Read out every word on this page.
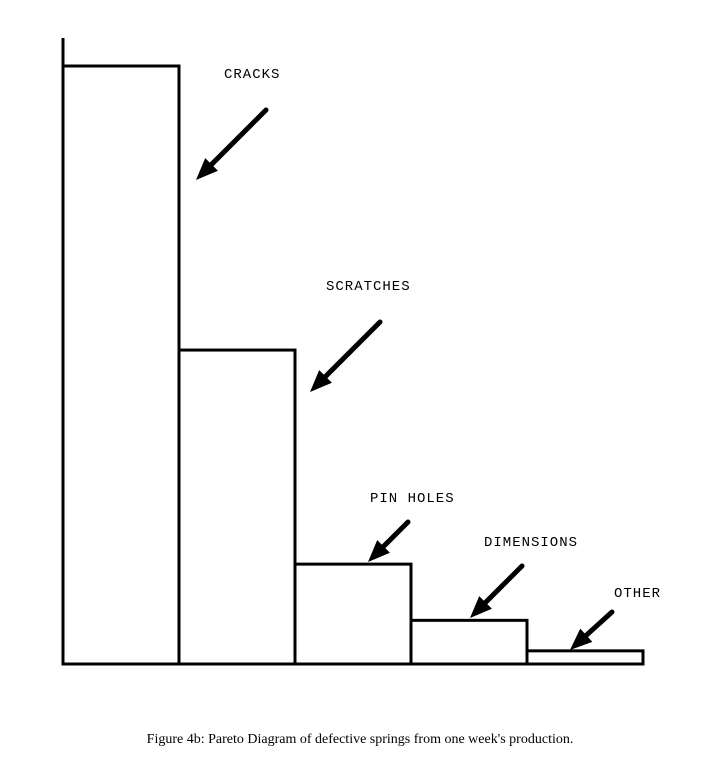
CRACKS
SCRATCHES
PIN HOLES
DIMENSIONS
OTHER
Figure 4b: Pareto Diagram of defective springs from one week's production.
